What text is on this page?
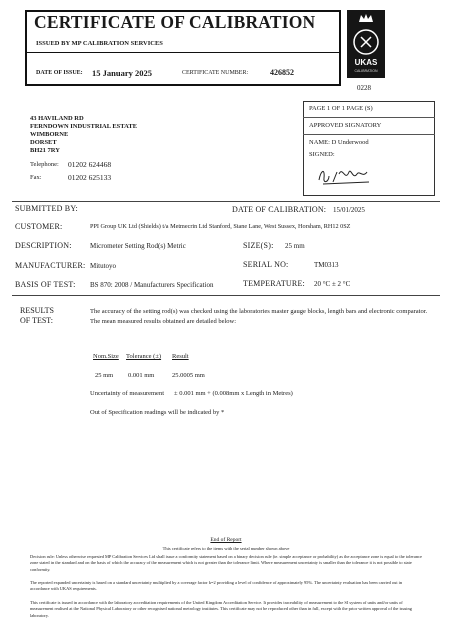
CERTIFICATE OF CALIBRATION
ISSUED BY MP CALIBRATION SERVICES
DATE OF ISSUE: 15 January 2025	CERTIFICATE NUMBER:	426852
UKAS
CALIBRATION
0228
43 HAVILAND RD
FERNDOWN INDUSTRIAL ESTATE
WIMBORNE
DORSET
BH21 7RY
Telephone: 01202 624468
Fax:	01202 625133
PAGE 1 OF 1 PAGE (S)
APPROVED SIGNATORY
NAME: D Underwood
SIGNED:
SUBMITTED BY:	DATE OF CALIBRATION: 15/01/2025
CUSTOMER:	PPI Group UK Ltd (Shields) t/a Metmecrin Ltd Stanford, Stane Lane, West Sussex, Horsham, RH12 0SZ
DESCRIPTION:	Micrometer Setting Rod(s) Metric	SIZE(S): 25 mm
MANUFACTURER: Mitutoyo	SERIAL NO:	TM0313
BASIS OF TEST: BS 870: 2008 / Manufacturers Specification	TEMPERATURE: 20 °C ± 2 °C
RESULTS
OF TEST:
The accuracy of the setting rod(s) was checked using the laboratories master gauge blocks, length bars and electronic comparator. The mean measured results obtained are detailed below:
Nom.Size Tolerance (±) Result
25 mm 0.001 mm	25.0005 mm
Uncertainty of measurement ± 0.001 mm + (0.008mm x Length in Metres)
Out of Specification readings will be indicated by *
End of Report
This certificate refers to the items with the serial number shown above
Decision rule: Unless otherwise requested MP Calibration Services Ltd shall issue a conformity statement based on a binary decision rule (ie. simple acceptance or probability) as the acceptance zone is equal to the tolerance zone stated in the standard and on the basis of which the accuracy of the measurement which is not greater than the tolerance limit. Where measurement uncertainty is smaller than the tolerance it is not possible to state conformity.
The reported expanded uncertainty is based on a standard uncertainty multiplied by a coverage factor k=2 providing a level of confidence of approximately 95%. The uncertainty evaluation has been carried out in accordance with UKAS requirements.
This certificate is issued in accordance with the laboratory accreditation requirements of the United Kingdom Accreditation Service. It provides traceability of measurement to the SI system of units and/or units of measurement realised at the National Physical Laboratory or other recognised national metrology institutes. This certificate may not be reproduced other than in full, except with the prior written approval of the issuing laboratory.
